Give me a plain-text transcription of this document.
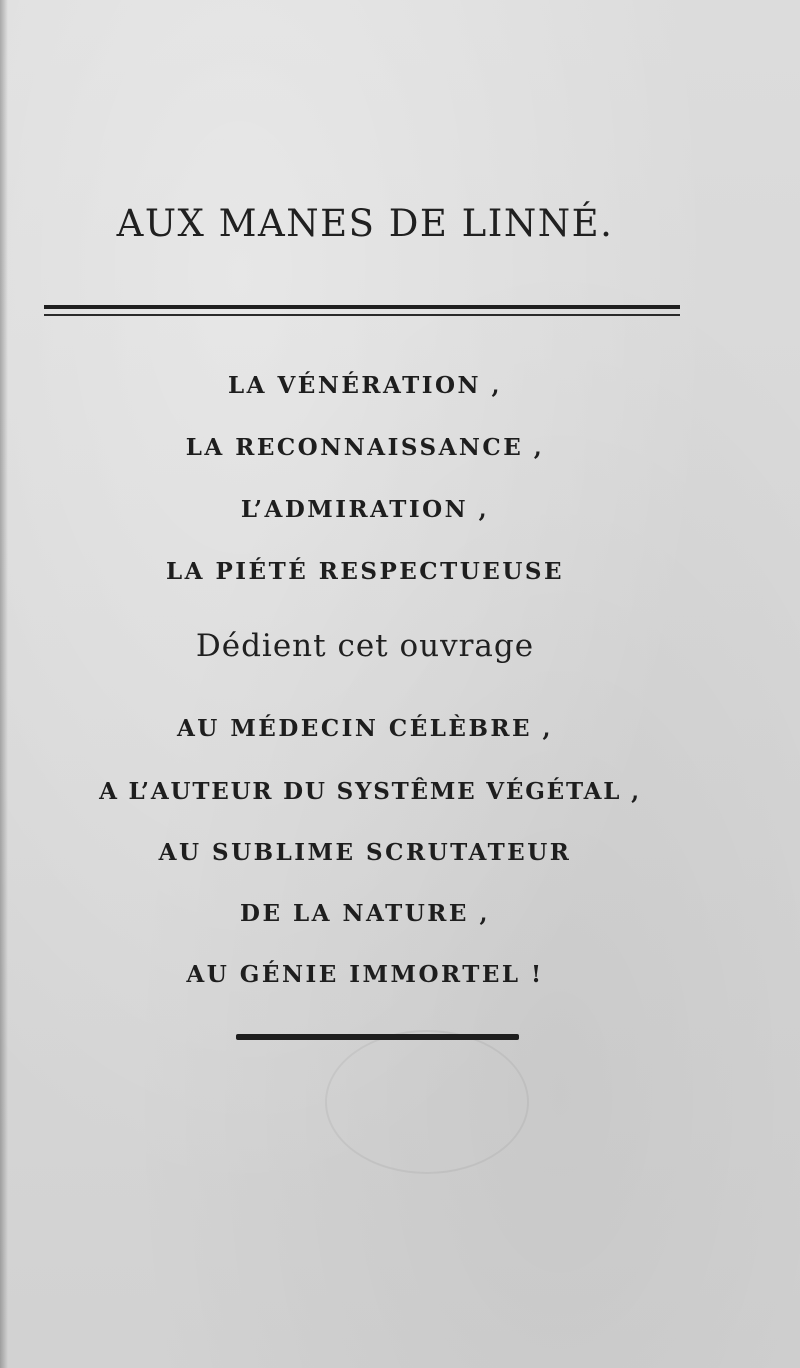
AUX MANES DE LINNÉ.
LA VÉNÉRATION ,
LA RECONNAISSANCE ,
L’ADMIRATION ,
LA PIÉTÉ RESPECTUEUSE
Dédient cet ouvrage
AU MÉDECIN CÉLÈBRE ,
A L’AUTEUR DU SYSTÊME VÉGÉTAL ,
AU SUBLIME SCRUTATEUR
DE LA NATURE ,
AU GÉNIE IMMORTEL !
